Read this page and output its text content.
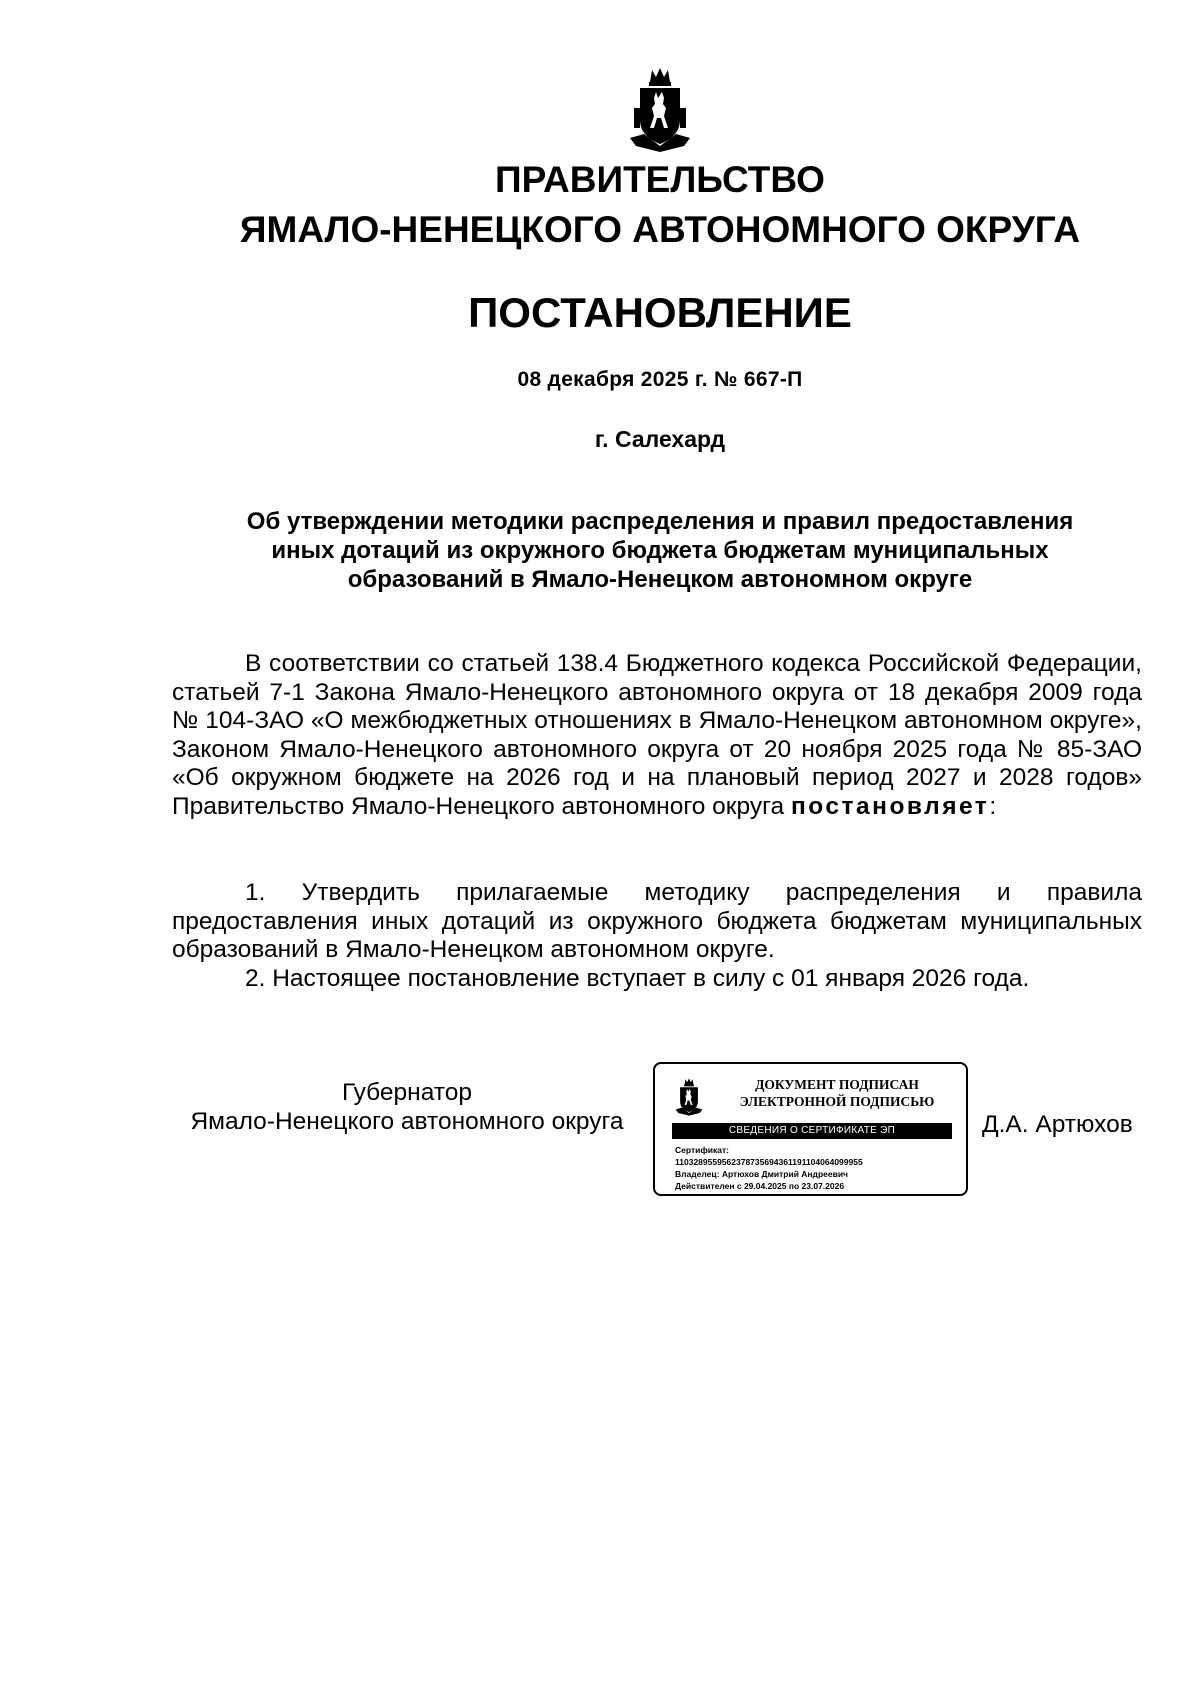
ПРАВИТЕЛЬСТВО
ЯМАЛО-НЕНЕЦКОГО АВТОНОМНОГО ОКРУГА
ПОСТАНОВЛЕНИЕ
08 декабря 2025 г. № 667-П
г. Салехард
Об утверждении методики распределения и правил предоставления
иных дотаций из окружного бюджета бюджетам муниципальных
образований в Ямало-Ненецком автономном округе

В соответствии со статьей 138.4 Бюджетного кодекса Российской Федерации, статьей 7-1 Закона Ямало-Ненецкого автономного округа от 18 декабря 2009 года № 104-ЗАО «О межбюджетных отношениях в Ямало-Ненецком автономном округе», Законом Ямало-Ненецкого автономного округа от 20 ноября 2025 года № 85-ЗАО «Об окружном бюджете на 2026 год и на плановый период 2027 и 2028 годов» Правительство Ямало-Ненецкого автономного округа постановляет:

1. Утвердить прилагаемые методику распределения и правила предоставления иных дотаций из окружного бюджета бюджетам муниципальных образований в Ямало-Ненецком автономном округе.

2. Настоящее постановление вступает в силу с 01 января 2026 года.

Губернатор
Ямало-Ненецкого автономного округа
ДОКУМЕНТ ПОДПИСАН
ЭЛЕКТРОННОЙ ПОДПИСЬЮ
СВЕДЕНИЯ О СЕРТИФИКАТЕ ЭП
Сертификат:
1103289559562378735694361191104064099955
Владелец: Артюхов Дмитрий Андреевич
Действителен с 29.04.2025 по 23.07.2026
Д.А. Артюхов
